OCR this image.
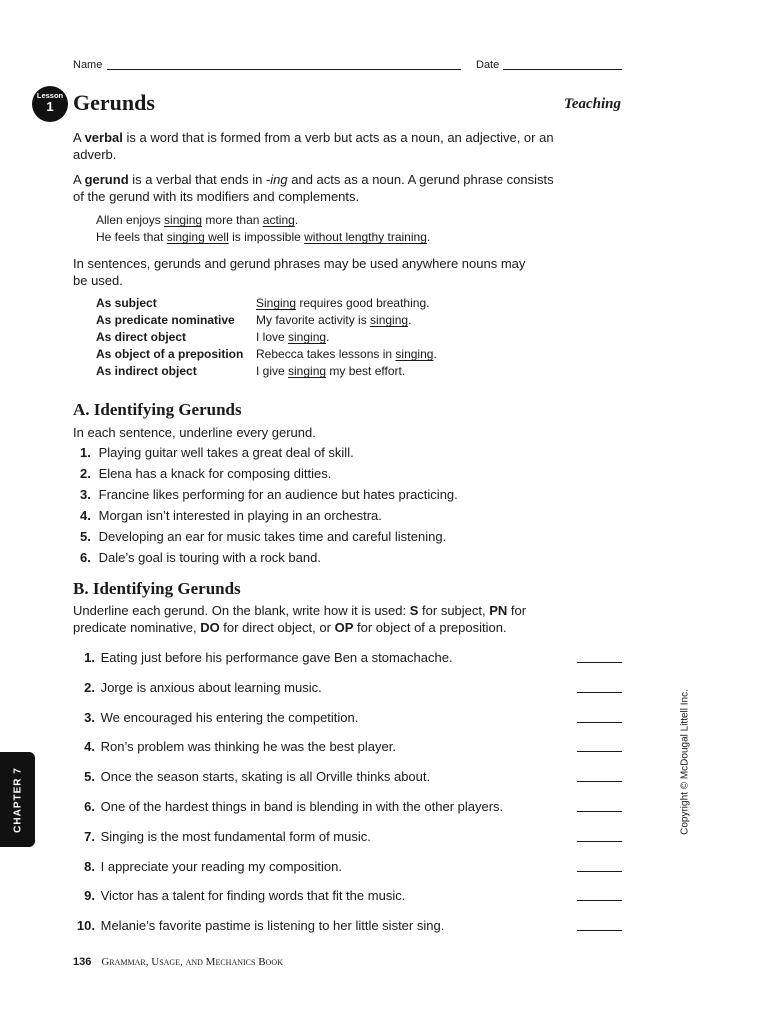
Name	Date
Lesson
1 Gerunds	Teaching
A verbal is a word that is formed from a verb but acts as a noun, an adjective, or an adverb.
A gerund is a verbal that ends in -ing and acts as a noun. A gerund phrase consists of the gerund with its modifiers and complements.
Allen enjoys singing more than acting.
He feels that singing well is impossible without lengthy training.
In sentences, gerunds and gerund phrases may be used anywhere nouns may be used.
As subject	Singing requires good breathing.
As predicate nominative	My favorite activity is singing.
As direct object	I love singing.
As object of a preposition	Rebecca takes lessons in singing.
As indirect object	I give singing my best effort.
A. Identifying Gerunds
In each sentence, underline every gerund.
1. Playing guitar well takes a great deal of skill.
2. Elena has a knack for composing ditties.
3. Francine likes performing for an audience but hates practicing.
4. Morgan isn’t interested in playing in an orchestra.
5. Developing an ear for music takes time and careful listening.
6. Dale’s goal is touring with a rock band.
B. Identifying Gerunds
Underline each gerund. On the blank, write how it is used: S for subject, PN for predicate nominative, DO for direct object, or OP for object of a preposition.
1. Eating just before his performance gave Ben a stomachache.
2. Jorge is anxious about learning music.
3. We encouraged his entering the competition.
4. Ron’s problem was thinking he was the best player.
5. Once the season starts, skating is all Orville thinks about.
6. One of the hardest things in band is blending in with the other players.
7. Singing is the most fundamental form of music.
8. I appreciate your reading my composition.
9. Victor has a talent for finding words that fit the music.
10. Melanie’s favorite pastime is listening to her little sister sing.
CHAPTER 7	Copyright © McDougal Littell Inc.
136 Grammar, Usage, and Mechanics Book
